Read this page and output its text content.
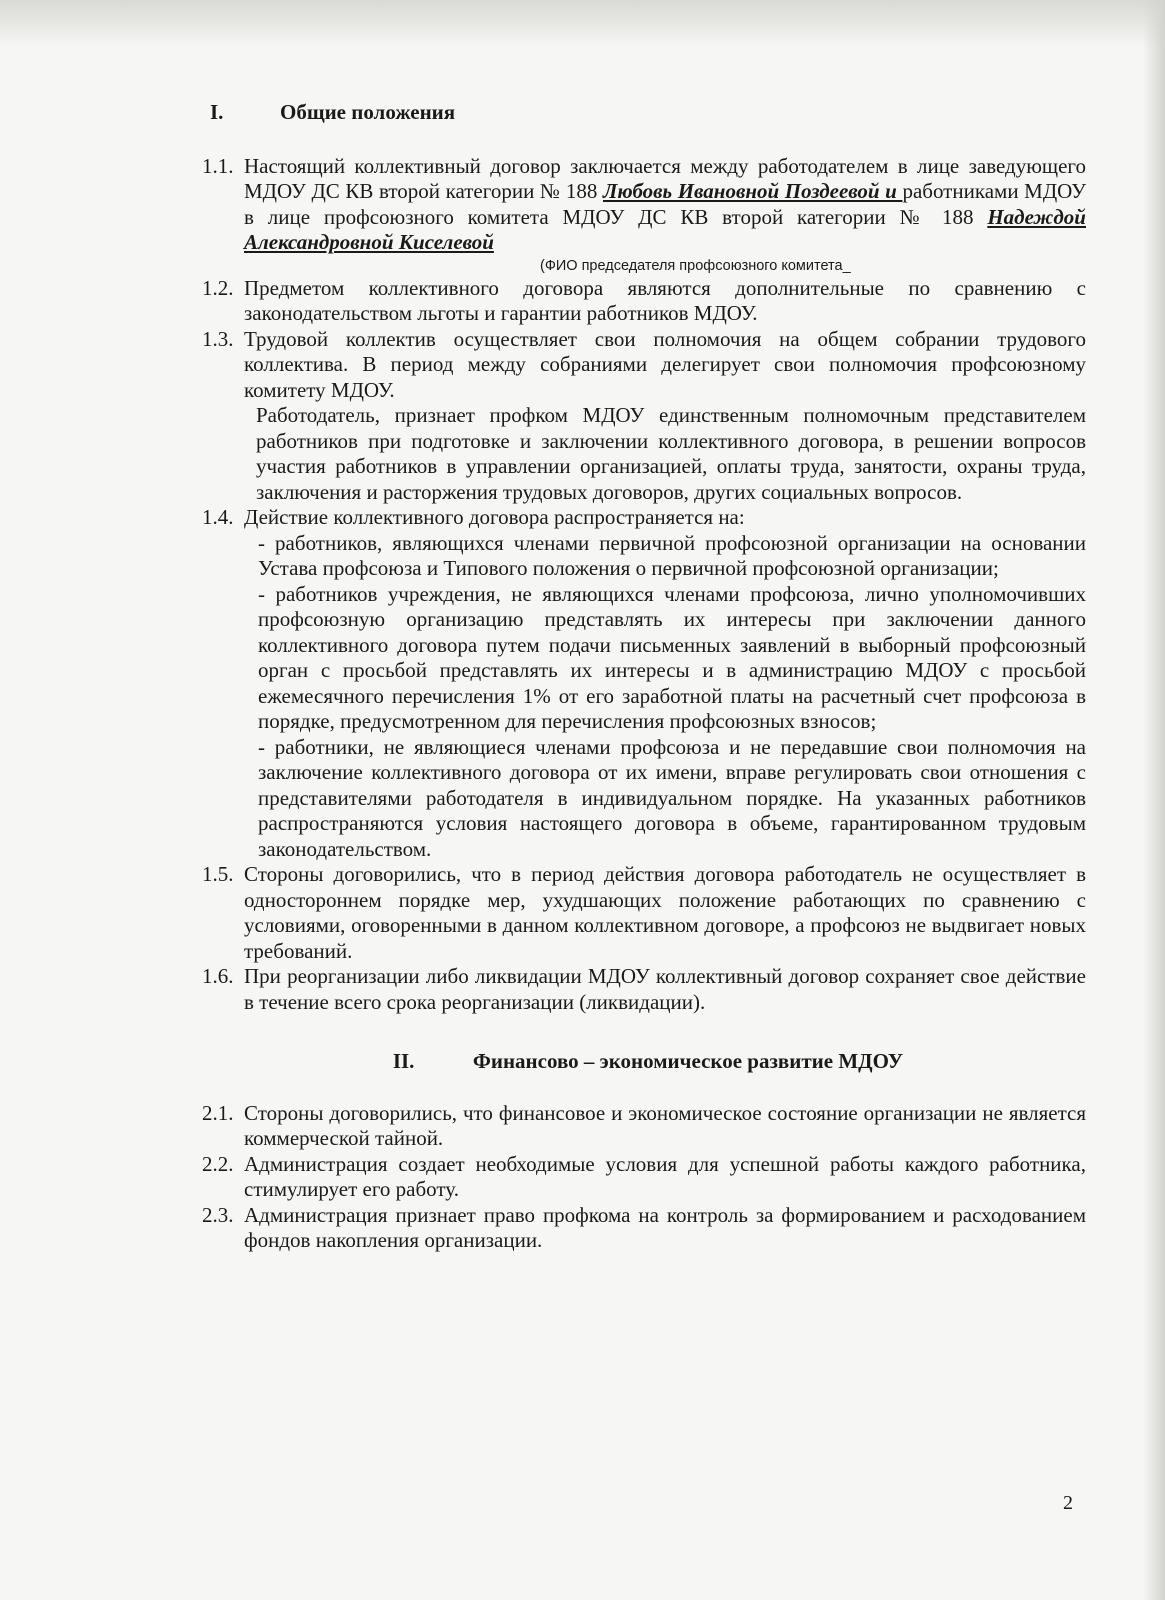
I.	Общие положения
1.1. Настоящий коллективный договор заключается между работодателем в лице заведующего МДОУ ДС КВ второй категории № 188 Любовь Ивановной Поздеевой и работниками МДОУ в лице профсоюзного комитета МДОУ ДС КВ второй категории № 188 Надеждой Александровной Киселевой
(ФИО председателя профсоюзного комитета_
1.2. Предметом коллективного договора являются дополнительные по сравнению с законодательством льготы и гарантии работников МДОУ.
1.3. Трудовой коллектив осуществляет свои полномочия на общем собрании трудового коллектива. В период между собраниями делегирует свои полномочия профсоюзному комитету МДОУ.
Работодатель, признает профком МДОУ единственным полномочным представителем работников при подготовке и заключении коллективного договора, в решении вопросов участия работников в управлении организацией, оплаты труда, занятости, охраны труда, заключения и расторжения трудовых договоров, других социальных вопросов.
1.4. Действие коллективного договора распространяется на:
- работников, являющихся членами первичной профсоюзной организации на основании Устава профсоюза и Типового положения о первичной профсоюзной организации;
- работников учреждения, не являющихся членами профсоюза, лично уполномочивших профсоюзную организацию представлять их интересы при заключении данного коллективного договора путем подачи письменных заявлений в выборный профсоюзный орган с просьбой представлять их интересы и в администрацию МДОУ с просьбой ежемесячного перечисления 1% от его заработной платы на расчетный счет профсоюза в порядке, предусмотренном для перечисления профсоюзных взносов;
- работники, не являющиеся членами профсоюза и не передавшие свои полномочия на заключение коллективного договора от их имени, вправе регулировать свои отношения с представителями работодателя в индивидуальном порядке. На указанных работников распространяются условия настоящего договора в объеме, гарантированном трудовым законодательством.
1.5. Стороны договорились, что в период действия договора работодатель не осуществляет в одностороннем порядке мер, ухудшающих положение работающих по сравнению с условиями, оговоренными в данном коллективном договоре, а профсоюз не выдвигает новых требований.
1.6. При реорганизации либо ликвидации МДОУ коллективный договор сохраняет свое действие в течение всего срока реорганизации (ликвидации).
II.	Финансово – экономическое развитие МДОУ
2.1. Стороны договорились, что финансовое и экономическое состояние организации не является коммерческой тайной.
2.2. Администрация создает необходимые условия для успешной работы каждого работника, стимулирует его работу.
2.3. Администрация признает право профкома на контроль за формированием и расходованием фондов накопления организации.
2
